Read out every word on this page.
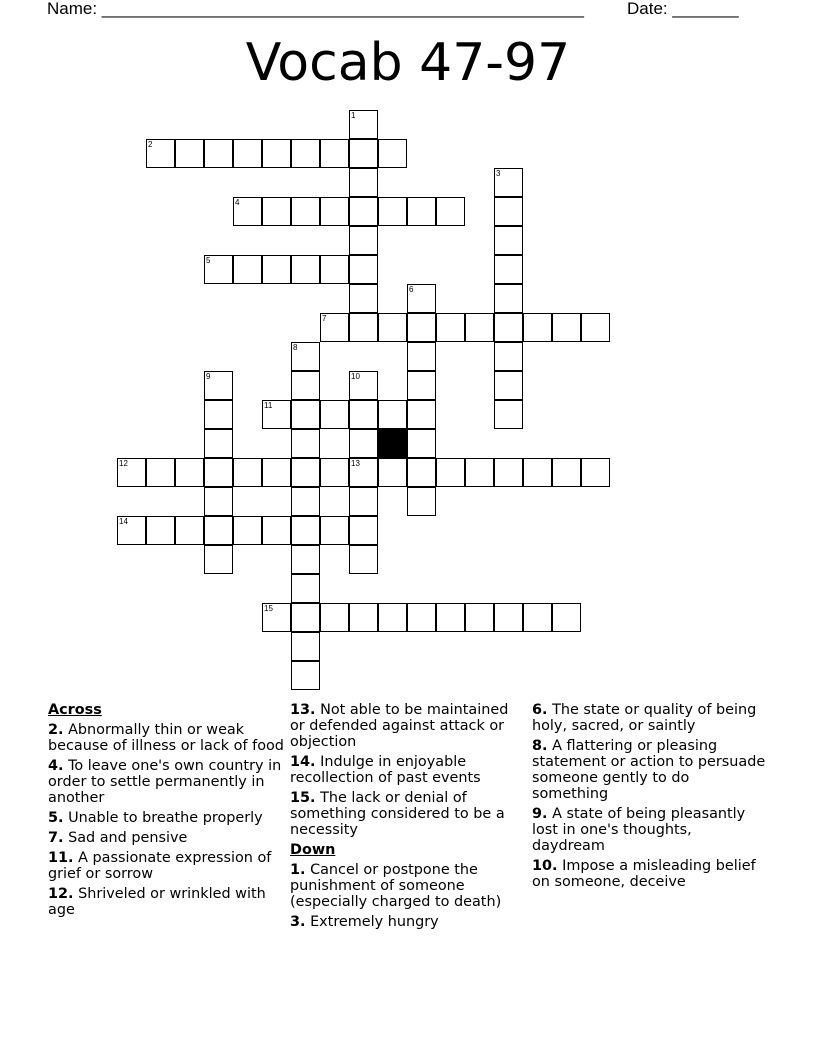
Name: ___________________________________________________	Date: _______
Vocab 47-97
2
4
5
7
11
12	13
14
15
1
3
6
8
9	10

Across

2. Abnormally thin or weak because of illness or lack of food

4. To leave one's own country in order to settle permanently in another

5. Unable to breathe properly

7. Sad and pensive

11. A passionate expression of grief or sorrow

12. Shriveled or wrinkled with age

13. Not able to be maintained or defended against attack or objection

14. Indulge in enjoyable recollection of past events

15. The lack or denial of something considered to be a necessity

Down

1. Cancel or postpone the punishment of someone (especially charged to death)

3. Extremely hungry

6. The state or quality of being holy, sacred, or saintly

8. A flattering or pleasing statement or action to persuade someone gently to do something

9. A state of being pleasantly lost in one's thoughts, daydream

10. Impose a misleading belief on someone, deceive
